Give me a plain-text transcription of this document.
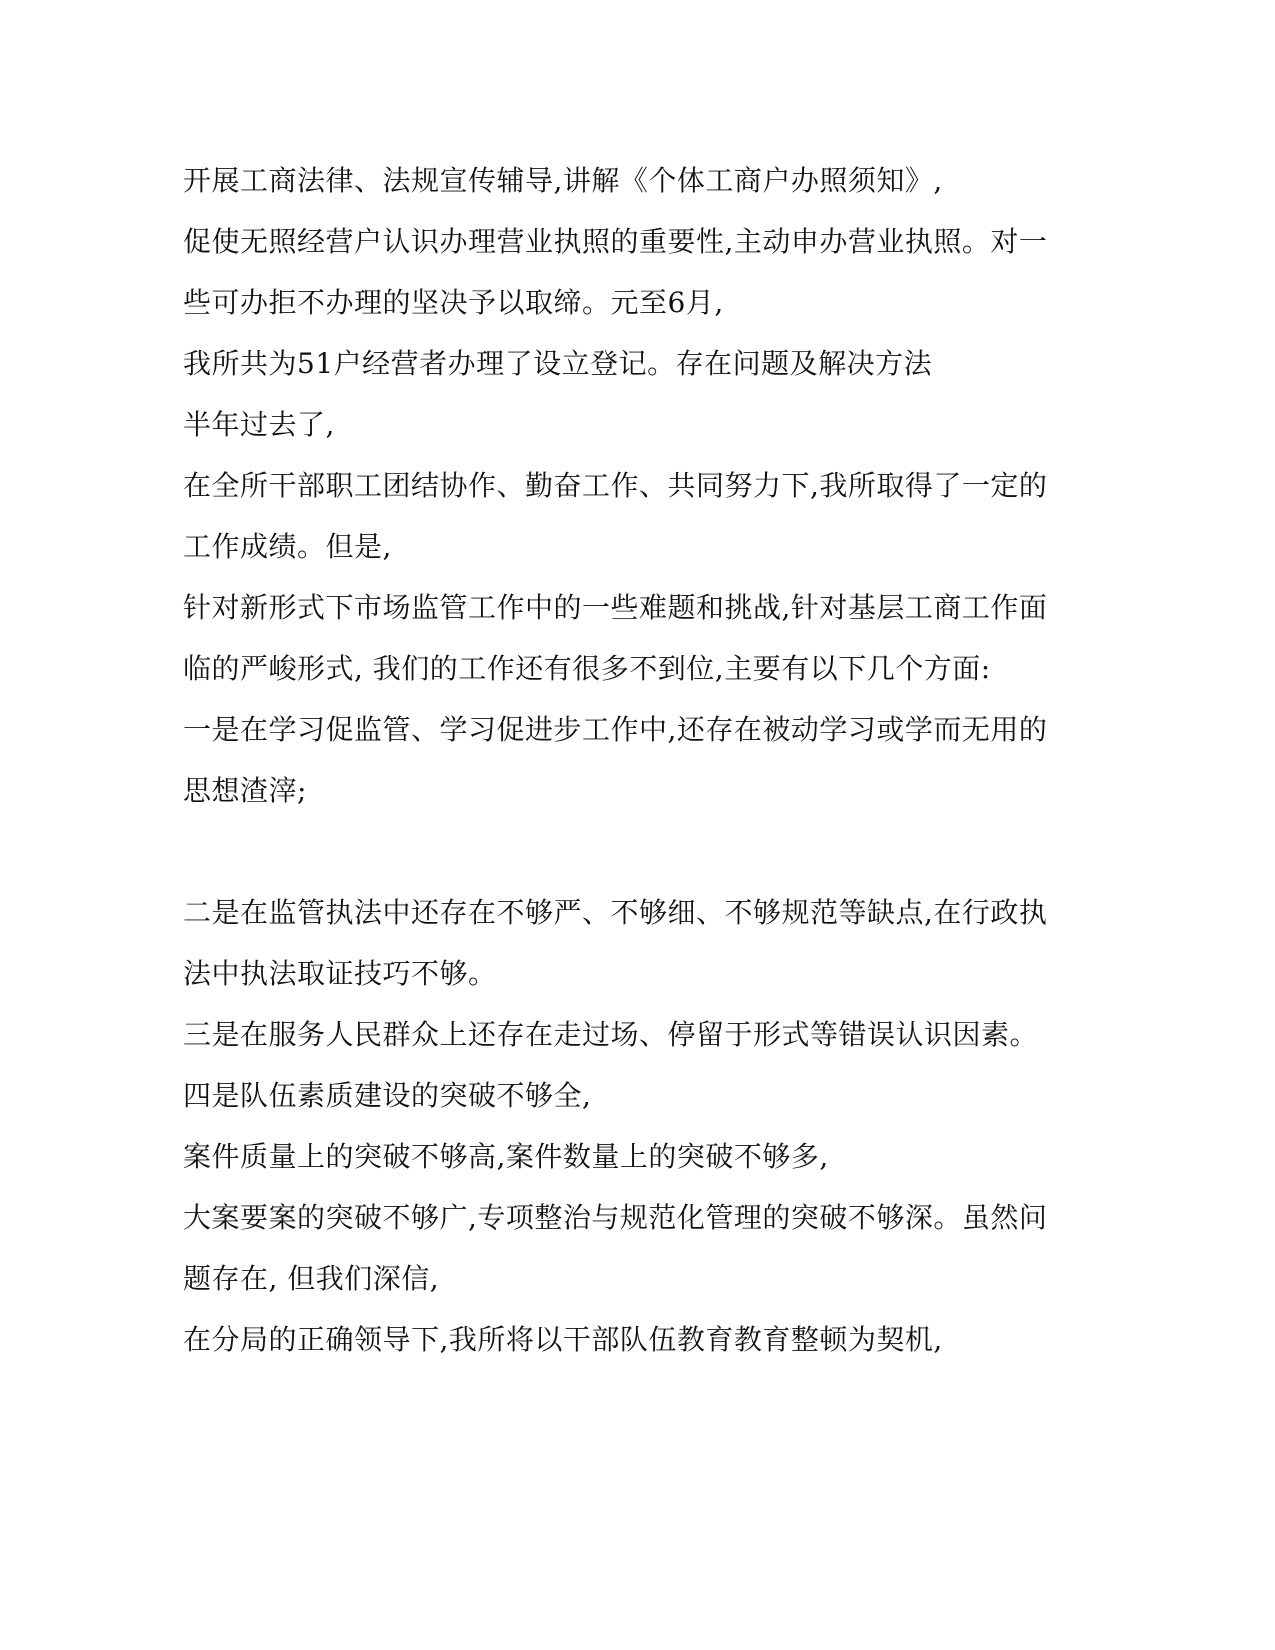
开展工商法律、法规宣传辅导,讲解《个体工商户办照须知》,

促使无照经营户认识办理营业执照的重要性,主动申办营业执照。对一

些可办拒不办理的坚决予以取缔。元至6月,

我所共为51户经营者办理了设立登记。存在问题及解决方法

半年过去了,

在全所干部职工团结协作、勤奋工作、共同努力下,我所取得了一定的

工作成绩。但是,

针对新形式下市场监管工作中的一些难题和挑战,针对基层工商工作面

临的严峻形式, 我们的工作还有很多不到位,主要有以下几个方面:

一是在学习促监管、学习促进步工作中,还存在被动学习或学而无用的

思想渣滓;

二是在监管执法中还存在不够严、不够细、不够规范等缺点,在行政执

法中执法取证技巧不够。

三是在服务人民群众上还存在走过场、停留于形式等错误认识因素。

四是队伍素质建设的突破不够全,

案件质量上的突破不够高,案件数量上的突破不够多,

大案要案的突破不够广,专项整治与规范化管理的突破不够深。虽然问

题存在, 但我们深信,

在分局的正确领导下,我所将以干部队伍教育教育整顿为契机,
